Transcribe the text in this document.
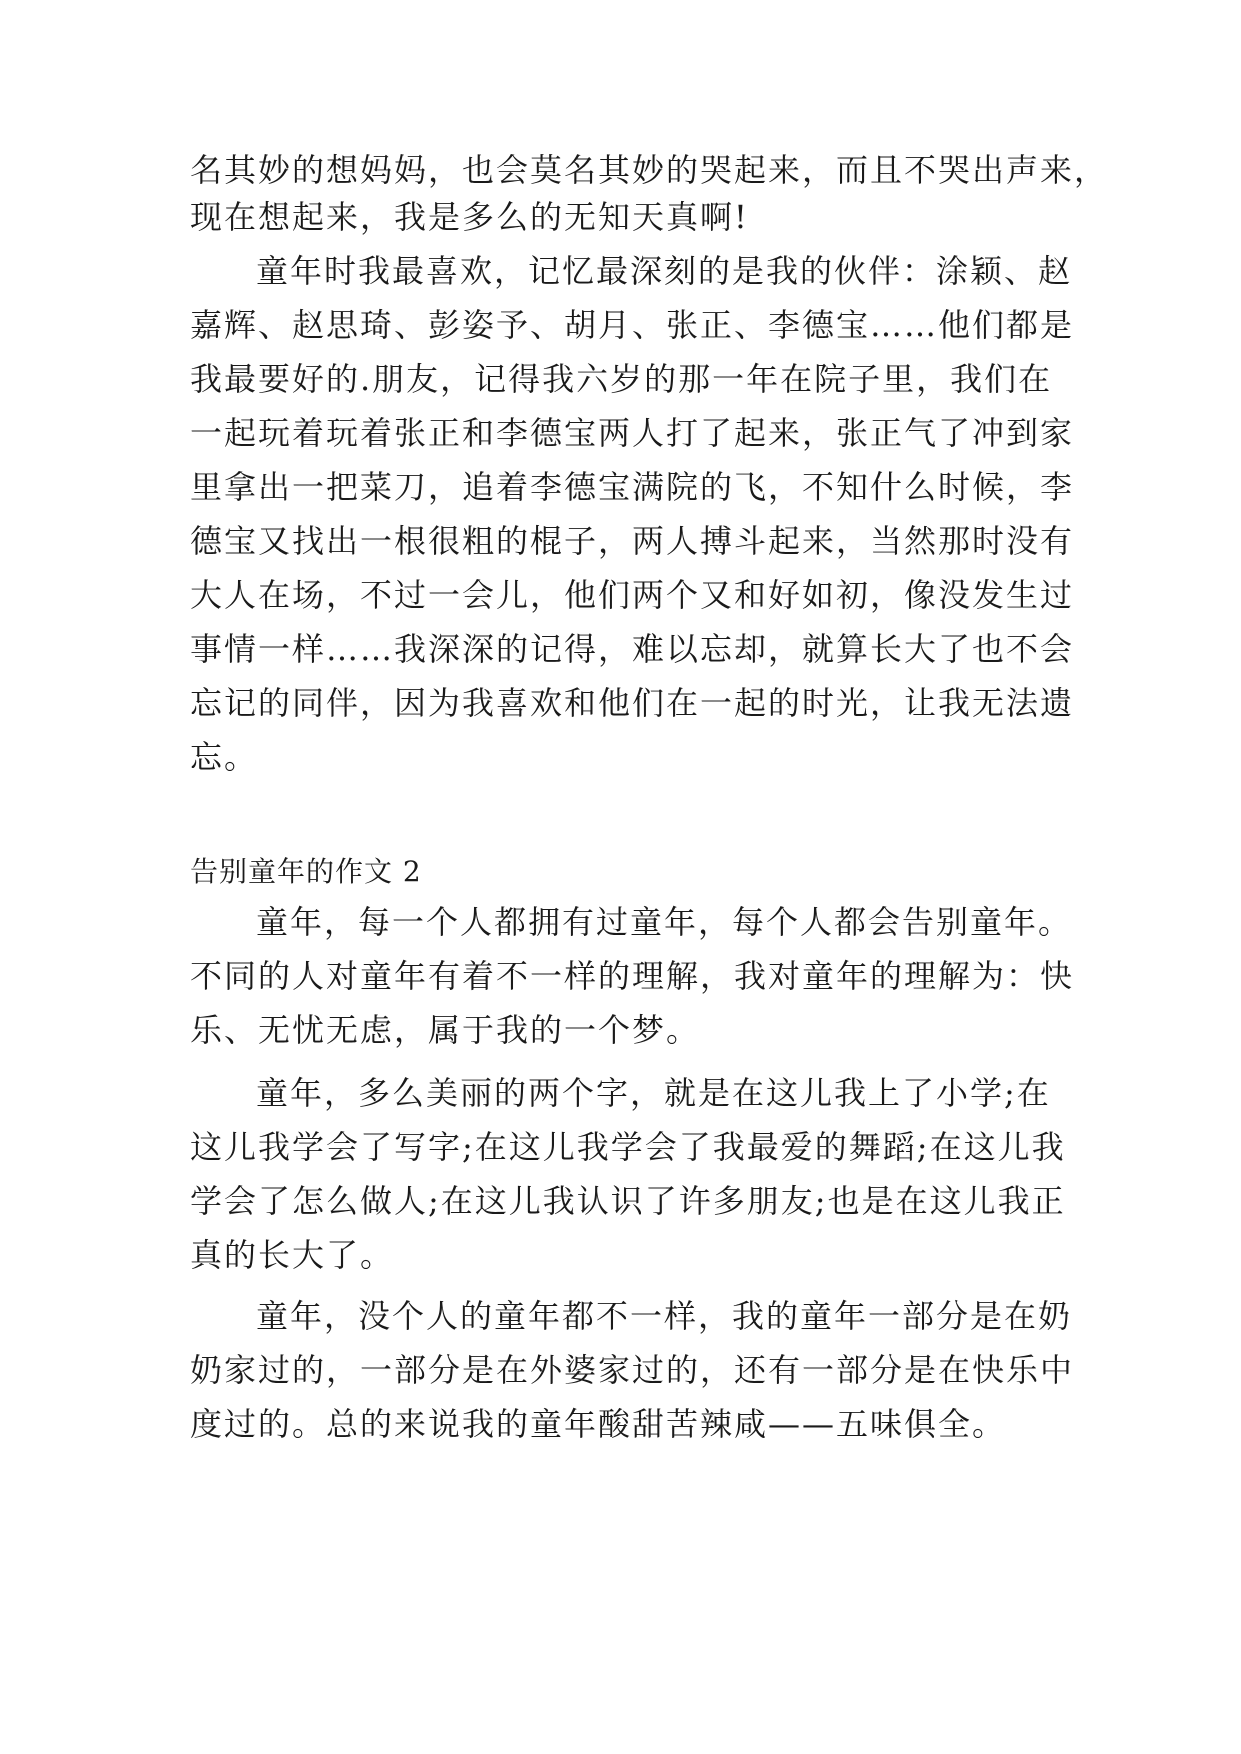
名其妙的想妈妈，也会莫名其妙的哭起来，而且不哭出声来，
现在想起来，我是多么的无知天真啊!
童年时我最喜欢，记忆最深刻的是我的伙伴：涂颖、赵
嘉辉、赵思琦、彭姿予、胡月、张正、李德宝……他们都是
我最要好的.朋友，记得我六岁的那一年在院子里，我们在
一起玩着玩着张正和李德宝两人打了起来，张正气了冲到家
里拿出一把菜刀，追着李德宝满院的飞，不知什么时候，李
德宝又找出一根很粗的棍子，两人搏斗起来，当然那时没有
大人在场，不过一会儿，他们两个又和好如初，像没发生过
事情一样……我深深的记得，难以忘却，就算长大了也不会
忘记的同伴，因为我喜欢和他们在一起的时光，让我无法遗
忘。
告别童年的作文 2
童年，每一个人都拥有过童年，每个人都会告别童年。
不同的人对童年有着不一样的理解，我对童年的理解为：快
乐、无忧无虑，属于我的一个梦。
童年，多么美丽的两个字，就是在这儿我上了小学;在
这儿我学会了写字;在这儿我学会了我最爱的舞蹈;在这儿我
学会了怎么做人;在这儿我认识了许多朋友;也是在这儿我正
真的长大了。
童年，没个人的童年都不一样，我的童年一部分是在奶
奶家过的，一部分是在外婆家过的，还有一部分是在快乐中
度过的。总的来说我的童年酸甜苦辣咸——五味俱全。
